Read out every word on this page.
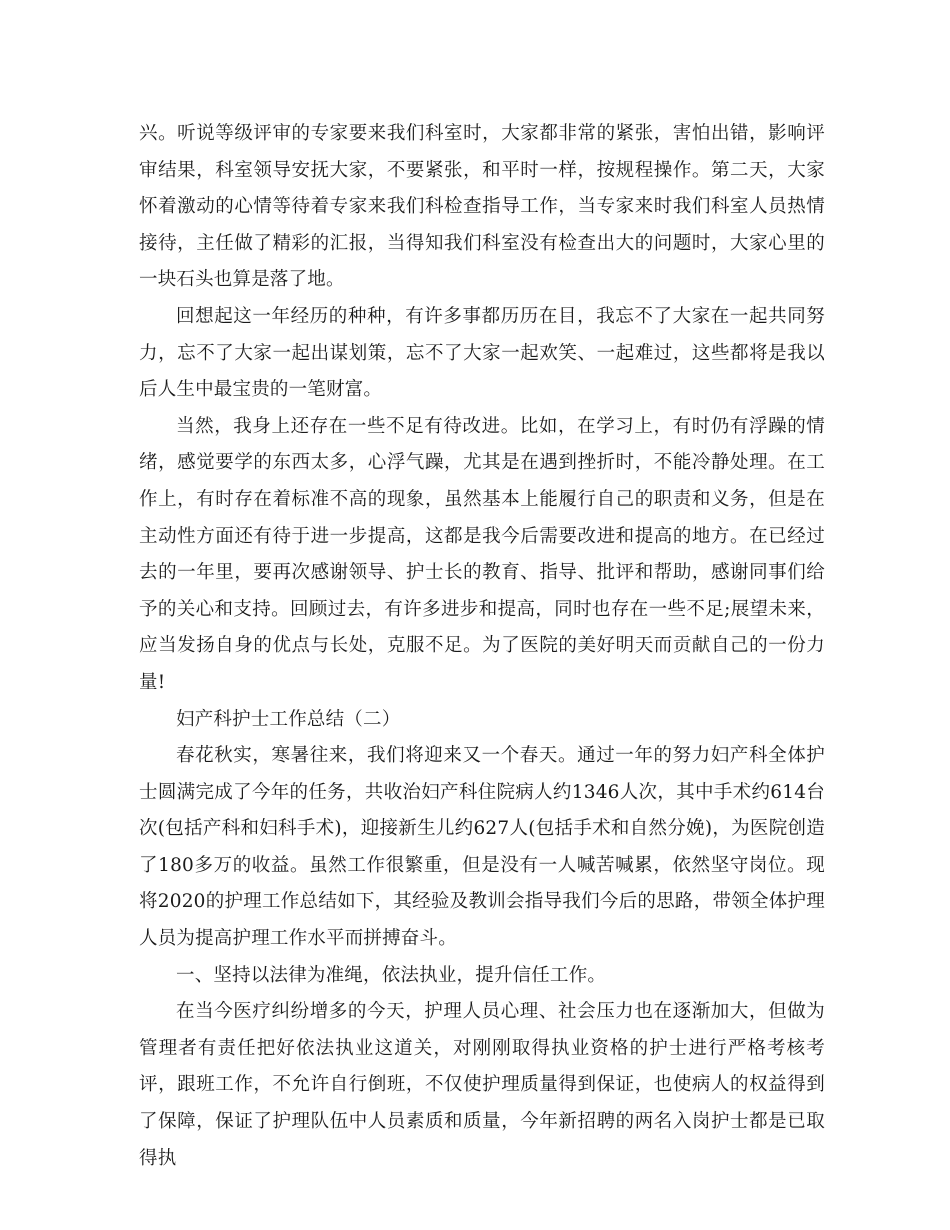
兴。听说等级评审的专家要来我们科室时，大家都非常的紧张，害怕出错，影响评审结果，科室领导安抚大家，不要紧张，和平时一样，按规程操作。第二天，大家怀着激动的心情等待着专家来我们科检查指导工作，当专家来时我们科室人员热情接待，主任做了精彩的汇报，当得知我们科室没有检查出大的问题时，大家心里的一块石头也算是落了地。

回想起这一年经历的种种，有许多事都历历在目，我忘不了大家在一起共同努力，忘不了大家一起出谋划策，忘不了大家一起欢笑、一起难过，这些都将是我以后人生中最宝贵的一笔财富。

当然，我身上还存在一些不足有待改进。比如，在学习上，有时仍有浮躁的情绪，感觉要学的东西太多，心浮气躁，尤其是在遇到挫折时，不能冷静处理。在工作上，有时存在着标准不高的现象，虽然基本上能履行自己的职责和义务，但是在主动性方面还有待于进一步提高，这都是我今后需要改进和提高的地方。在已经过去的一年里，要再次感谢领导、护士长的教育、指导、批评和帮助，感谢同事们给予的关心和支持。回顾过去，有许多进步和提高，同时也存在一些不足;展望未来，应当发扬自身的优点与长处，克服不足。为了医院的美好明天而贡献自己的一份力量!

妇产科护士工作总结（二）

春花秋实，寒暑往来，我们将迎来又一个春天。通过一年的努力妇产科全体护士圆满完成了今年的任务，共收治妇产科住院病人约1346人次，其中手术约614台次(包括产科和妇科手术)，迎接新生儿约627人(包括手术和自然分娩)，为医院创造了180多万的收益。虽然工作很繁重，但是没有一人喊苦喊累，依然坚守岗位。现将2020的护理工作总结如下，其经验及教训会指导我们今后的思路，带领全体护理人员为提高护理工作水平而拼搏奋斗。

一、坚持以法律为准绳，依法执业，提升信任工作。

在当今医疗纠纷增多的今天，护理人员心理、社会压力也在逐渐加大，但做为管理者有责任把好依法执业这道关，对刚刚取得执业资格的护士进行严格考核考评，跟班工作，不允许自行倒班，不仅使护理质量得到保证，也使病人的权益得到了保障，保证了护理队伍中人员素质和质量，今年新招聘的两名入岗护士都是已取得执
